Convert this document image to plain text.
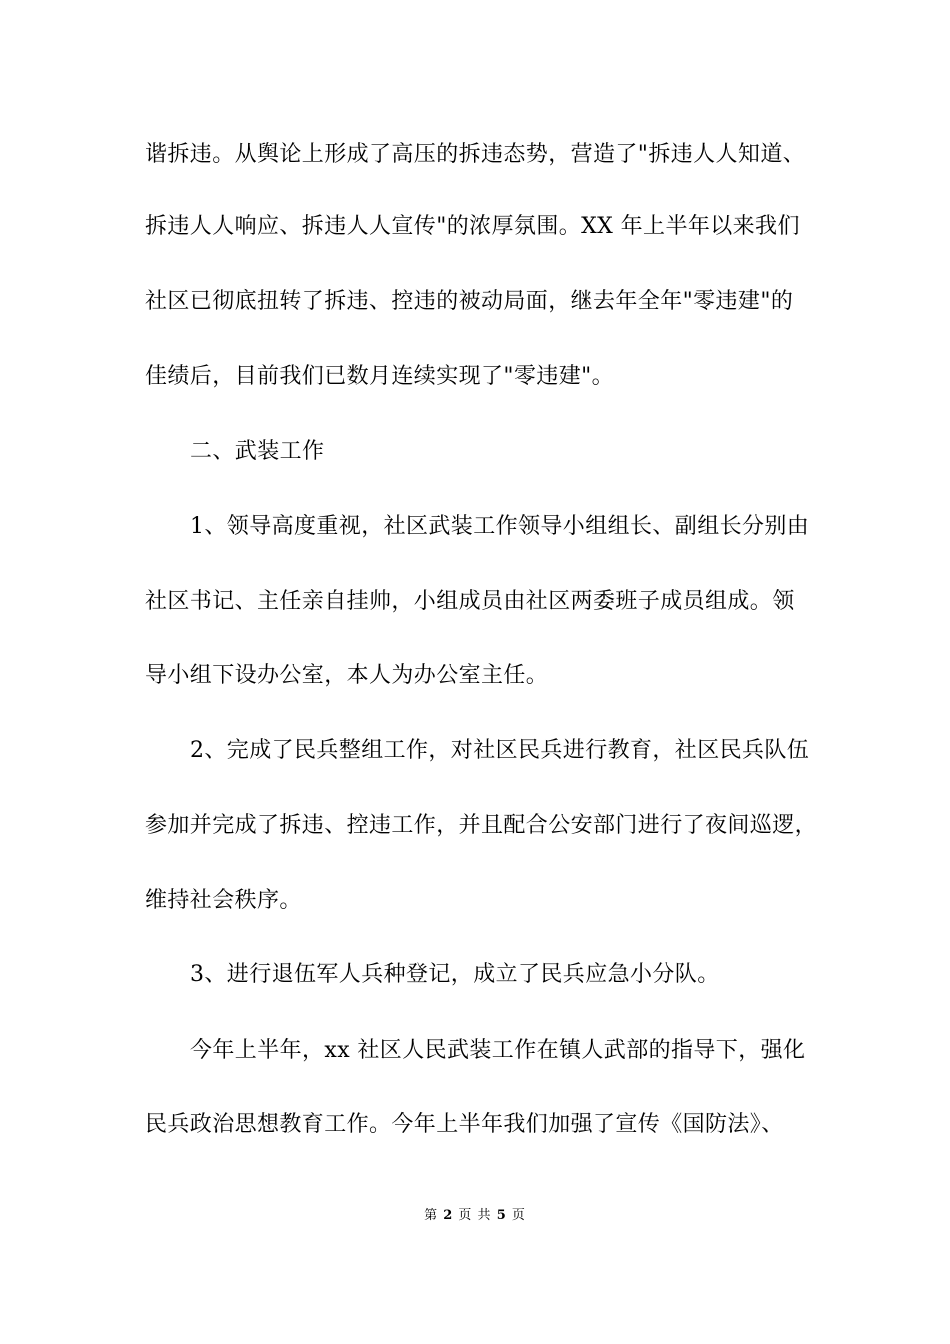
谐拆违。从舆论上形成了高压的拆违态势，营造了"拆违人人知道、
拆违人人响应、拆违人人宣传"的浓厚氛围。XX 年上半年以来我们
社区已彻底扭转了拆违、控违的被动局面，继去年全年"零违建"的
佳绩后，目前我们已数月连续实现了"零违建"。
二、武装工作
1、领导高度重视，社区武装工作领导小组组长、副组长分别由
社区书记、主任亲自挂帅，小组成员由社区两委班子成员组成。领
导小组下设办公室，本人为办公室主任。
2、完成了民兵整组工作，对社区民兵进行教育，社区民兵队伍
参加并完成了拆违、控违工作，并且配合公安部门进行了夜间巡逻，
维持社会秩序。
3、进行退伍军人兵种登记，成立了民兵应急小分队。
今年上半年，xx 社区人民武装工作在镇人武部的指导下，强化
民兵政治思想教育工作。今年上半年我们加强了宣传《国防法》、
第 2 页 共 5 页
